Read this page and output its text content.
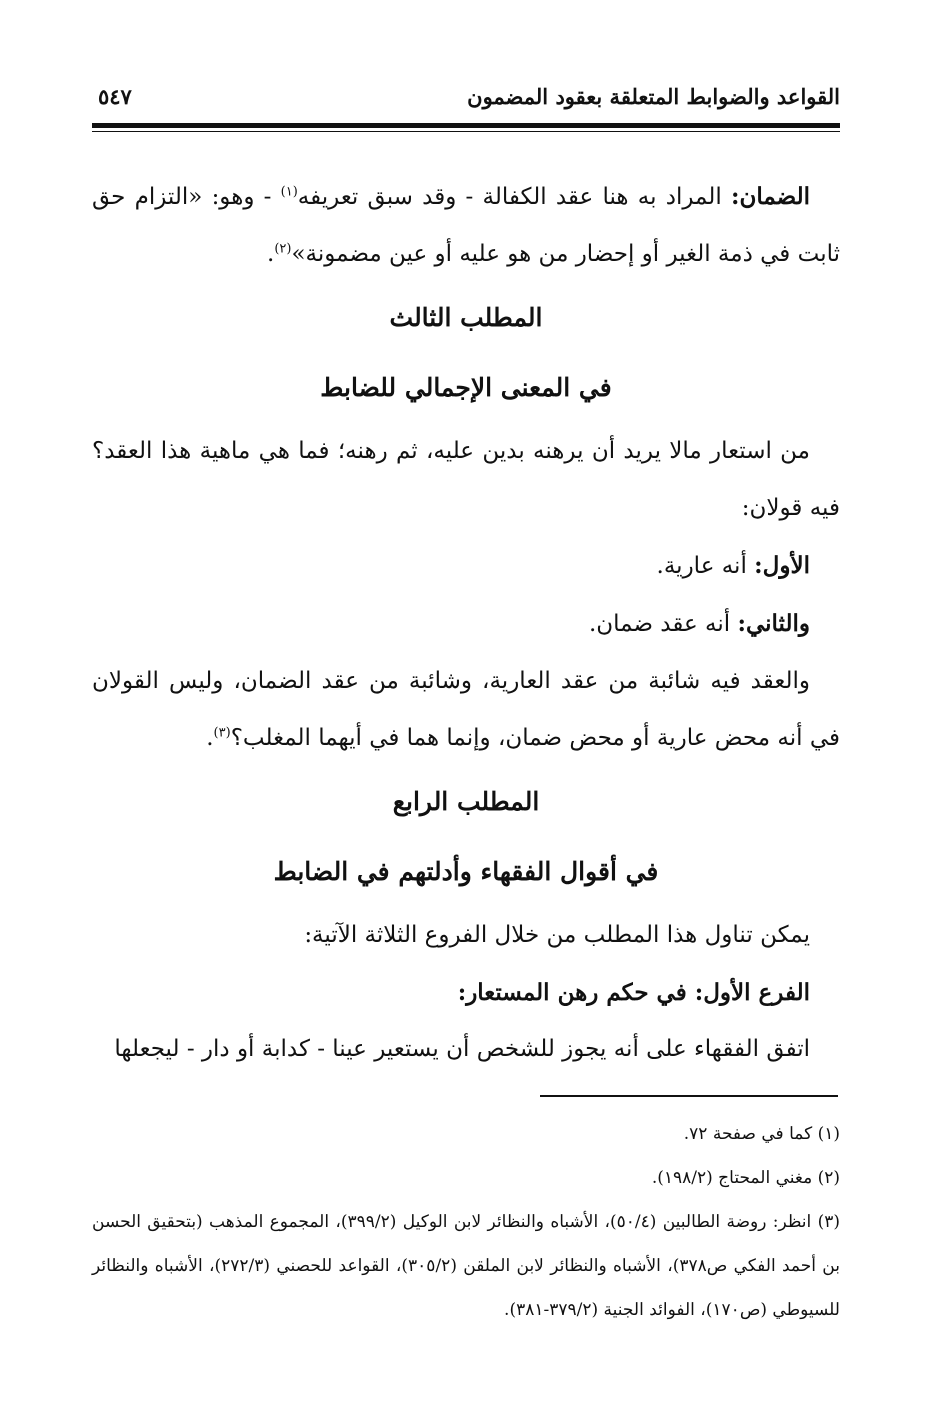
القواعد والضوابط المتعلقة بعقود المضمون
٥٤٧

الضمان: المراد به هنا عقد الكفالة - وقد سبق تعريفه$^{(١)}$ - وهو: «التزام حق ثابت في ذمة الغير أو إحضار من هو عليه أو عين مضمونة»$^{(٢)}$.

المطلب الثالث

في المعنى الإجمالي للضابط

من استعار مالا يريد أن يرهنه بدين عليه، ثم رهنه؛ فما هي ماهية هذا العقد؟ فيه قولان:

الأول: أنه عارية.

والثاني: أنه عقد ضمان.

والعقد فيه شائبة من عقد العارية، وشائبة من عقد الضمان، وليس القولان في أنه محض عارية أو محض ضمان، وإنما هما في أيهما المغلب؟$^{(٣)}$.

المطلب الرابع

في أقوال الفقهاء وأدلتهم في الضابط

يمكن تناول هذا المطلب من خلال الفروع الثلاثة الآتية:

الفرع الأول: في حكم رهن المستعار:

اتفق الفقهاء على أنه يجوز للشخص أن يستعير عينا - كدابة أو دار - ليجعلها

(١) كما في صفحة ٧٢.

(٢) مغني المحتاج (١٩٨/٢).

(٣) انظر: روضة الطالبين (٥٠/٤)، الأشباه والنظائر لابن الوكيل (٣٩٩/٢)، المجموع المذهب (بتحقيق الحسن بن أحمد الفكي ص٣٧٨)، الأشباه والنظائر لابن الملقن (٣٠٥/٢)، القواعد للحصني (٢٧٢/٣)، الأشباه والنظائر للسيوطي (ص١٧٠)، الفوائد الجنية (٣٧٩/٢-٣٨١).
